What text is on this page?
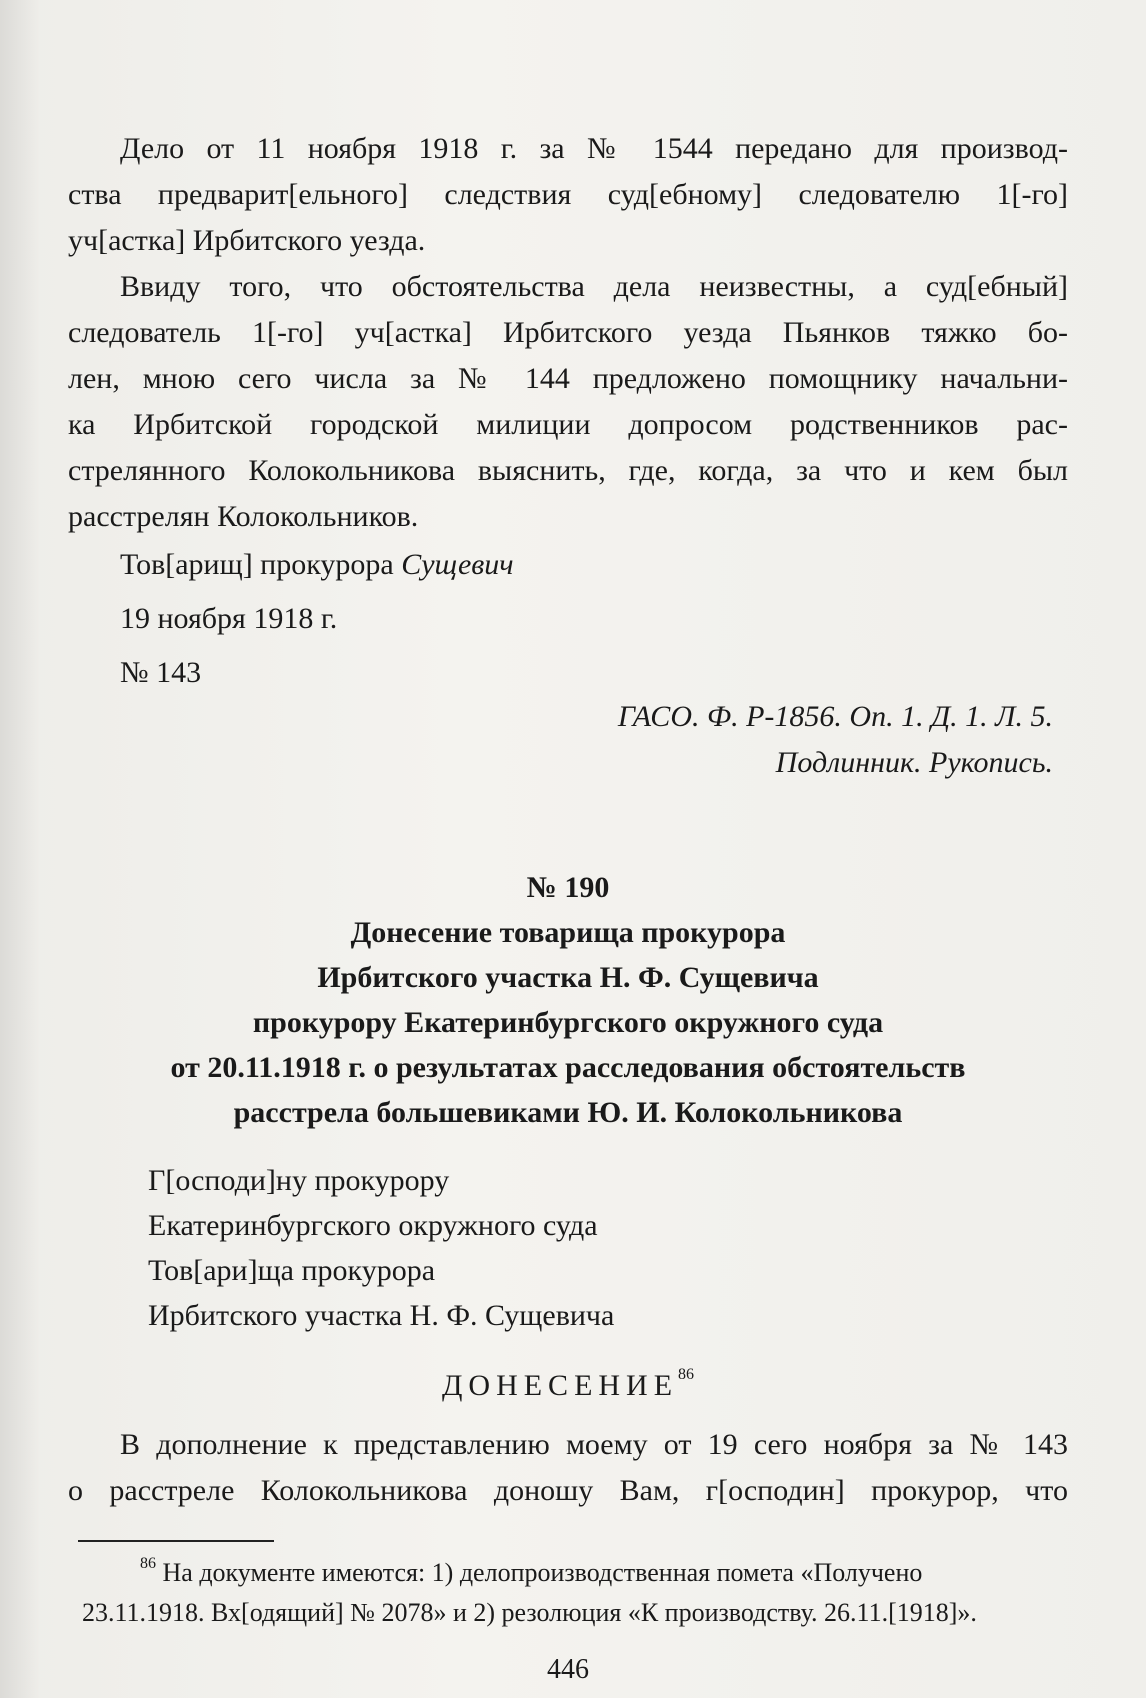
Дело от 11 ноября 1918 г. за № 1544 передано для производ-
ства предварит[ельного] следствия суд[ебному] следователю 1[-го]
уч[астка] Ирбитского уезда.
Ввиду того, что обстоятельства дела неизвестны, а суд[ебный]
следователь 1[-го] уч[астка] Ирбитского уезда Пьянков тяжко бо-
лен, мною сего числа за № 144 предложено помощнику начальни-
ка Ирбитской городской милиции допросом родственников рас-
стрелянного Колокольникова выяснить, где, когда, за что и кем был
расстрелян Колокольников.
Тов[арищ] прокурора Сущевич
19 ноября 1918 г.
№ 143
ГАСО. Ф. Р-1856. Оп. 1. Д. 1. Л. 5.
Подлинник. Рукопись.
№ 190
Донесение товарища прокурора
Ирбитского участка Н. Ф. Сущевича
прокурору Екатеринбургского окружного суда
от 20.11.1918 г. о результатах расследования обстоятельств
расстрела большевиками Ю. И. Колокольникова
Г[осподи]ну прокурору
Екатеринбургского окружного суда
Тов[ари]ща прокурора
Ирбитского участка Н. Ф. Сущевича
ДОНЕСЕНИЕ$^{86}$
В дополнение к представлению моему от 19 сего ноября за № 143
о расстреле Колокольникова доношу Вам, г[осподин] прокурор, что
$^{86}$ На документе имеются: 1) делопроизводственная пометa «Получено
23.11.1918. Вх[одящий] № 2078» и 2) резолюция «К производству. 26.11.[1918]».
446
